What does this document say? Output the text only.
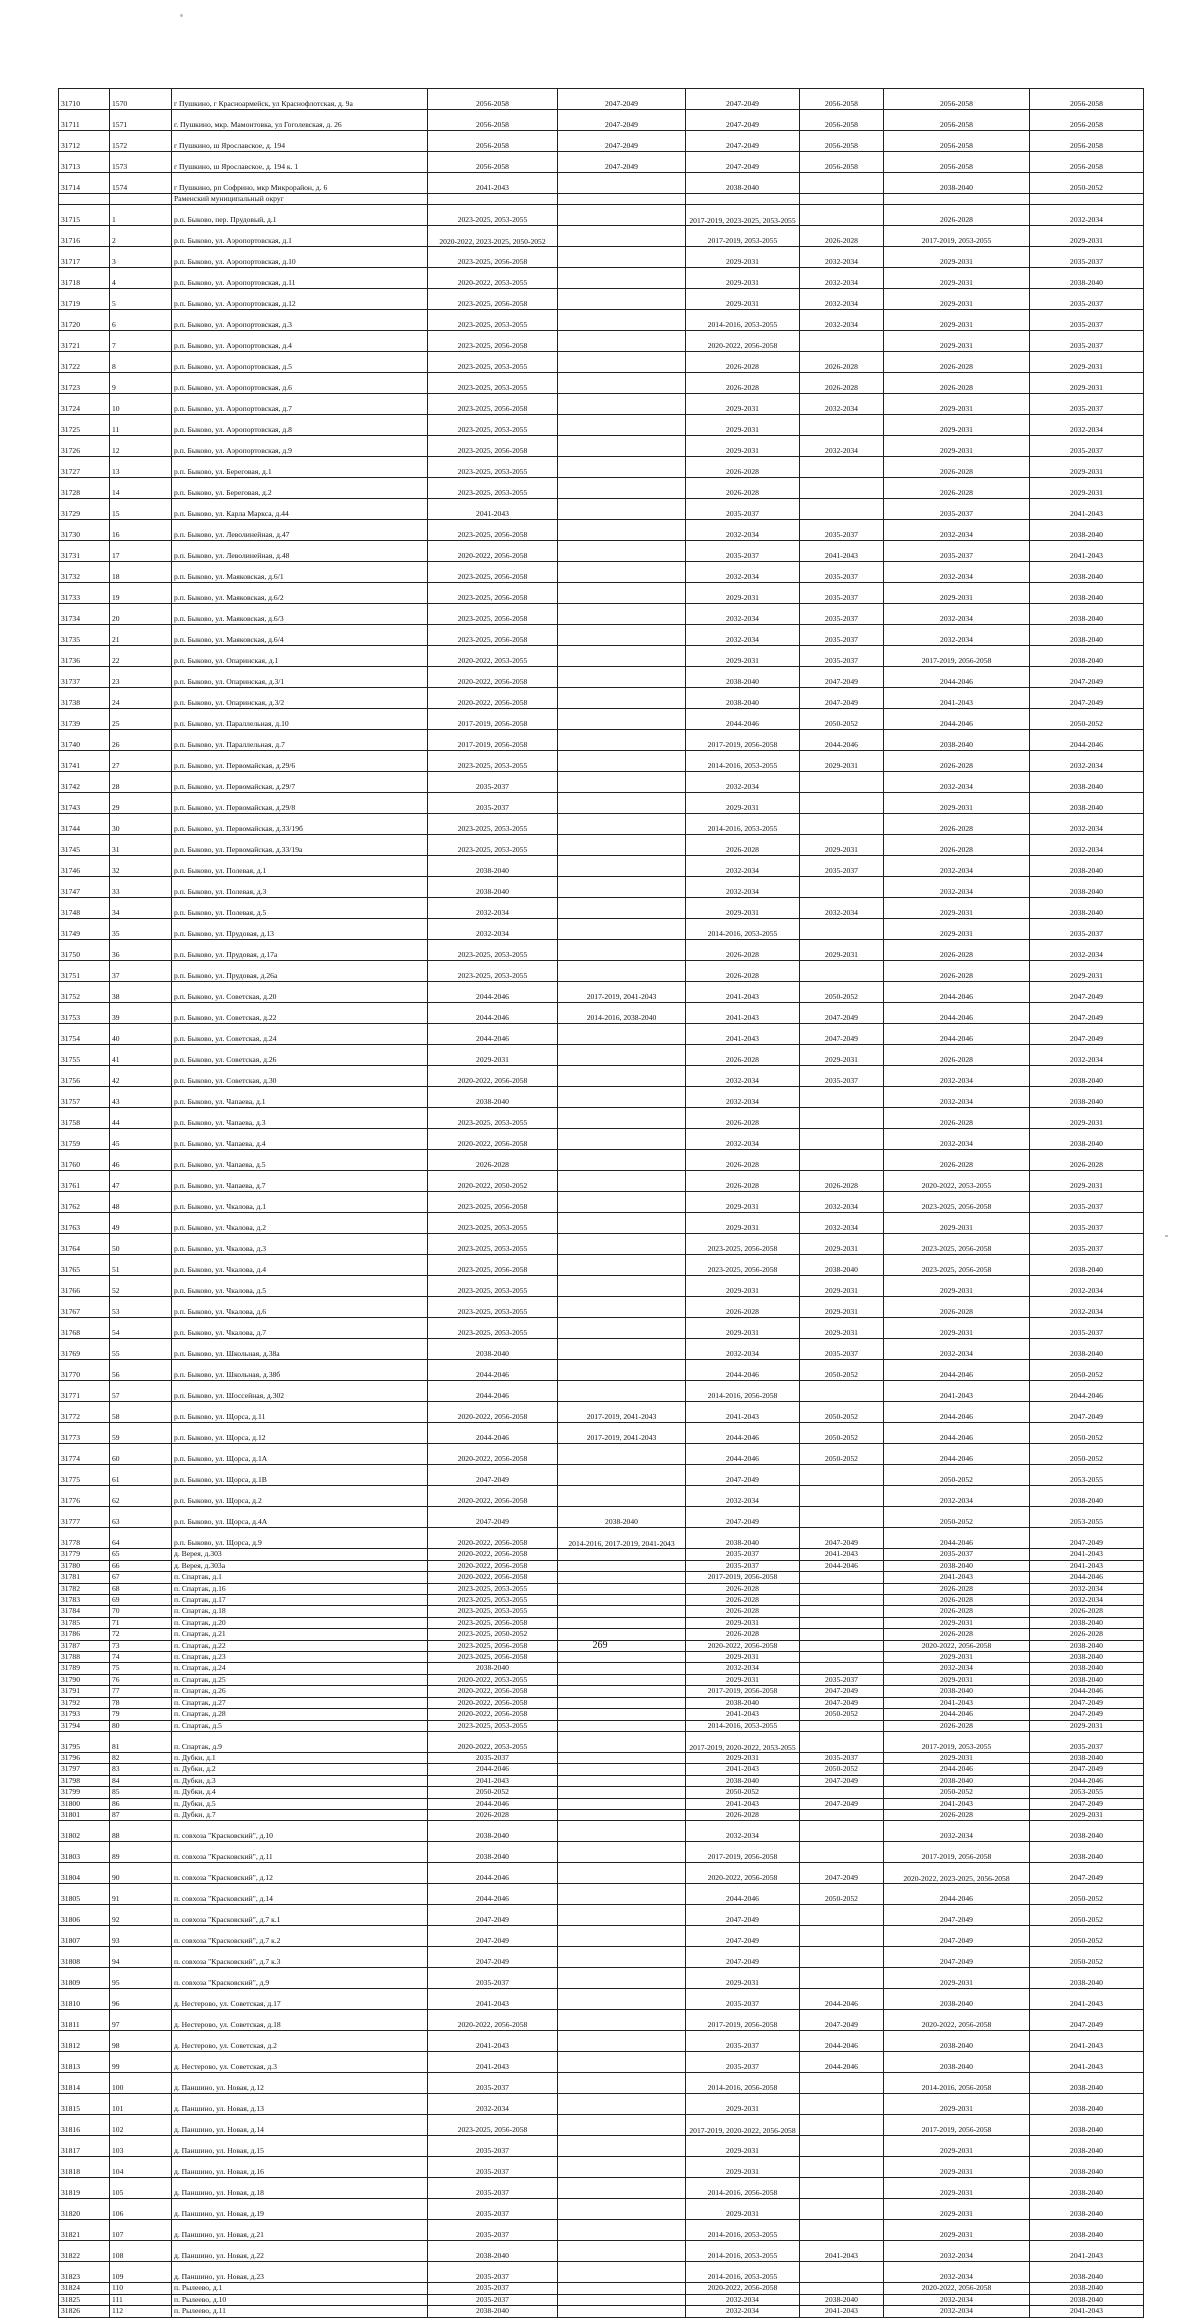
31710	1570	г Пушкино, г Красноармейск, ул Краснофлотская, д. 9а	2056-2058	2047-2049	2047-2049	2056-2058	2056-2058	2056-2058
31711	1571	г. Пушкино, мкр. Мамонтовка, ул Гоголевская, д. 26	2056-2058	2047-2049	2047-2049	2056-2058	2056-2058	2056-2058
31712	1572	г Пушкино, ш Ярославское, д. 194	2056-2058	2047-2049	2047-2049	2056-2058	2056-2058	2056-2058
31713	1573	г Пушкино, ш Ярославское, д. 194 к. 1	2056-2058	2047-2049	2047-2049	2056-2058	2056-2058	2056-2058
31714	1574	г Пушкино, рп Софрино, мкр Микрорайон, д. 6	2041-2043		2038-2040		2038-2040	2050-2052
		Раменский муниципальный округ						
31715	1	р.п. Быково, пер. Прудовый, д.1	2023-2025, 2053-2055		2017-2019, 2023-2025, 2053-2055		2026-2028	2032-2034
31716	2	р.п. Быково, ул. Аэропортовская, д.1	2020-2022, 2023-2025, 2050-2052		2017-2019, 2053-2055	2026-2028	2017-2019, 2053-2055	2029-2031
31717	3	р.п. Быково, ул. Аэропортовская, д.10	2023-2025, 2056-2058		2029-2031	2032-2034	2029-2031	2035-2037
31718	4	р.п. Быково, ул. Аэропортовская, д.11	2020-2022, 2053-2055		2029-2031	2032-2034	2029-2031	2038-2040
31719	5	р.п. Быково, ул. Аэропортовская, д.12	2023-2025, 2056-2058		2029-2031	2032-2034	2029-2031	2035-2037
31720	6	р.п. Быково, ул. Аэропортовская, д.3	2023-2025, 2053-2055		2014-2016, 2053-2055	2032-2034	2029-2031	2035-2037
31721	7	р.п. Быково, ул. Аэропортовская, д.4	2023-2025, 2056-2058		2020-2022, 2056-2058		2029-2031	2035-2037
31722	8	р.п. Быково, ул. Аэропортовская, д.5	2023-2025, 2053-2055		2026-2028	2026-2028	2026-2028	2029-2031
31723	9	р.п. Быково, ул. Аэропортовская, д.6	2023-2025, 2053-2055		2026-2028	2026-2028	2026-2028	2029-2031
31724	10	р.п. Быково, ул. Аэропортовская, д.7	2023-2025, 2056-2058		2029-2031	2032-2034	2029-2031	2035-2037
31725	11	р.п. Быково, ул. Аэропортовская, д.8	2023-2025, 2053-2055		2029-2031		2029-2031	2032-2034
31726	12	р.п. Быково, ул. Аэропортовская, д.9	2023-2025, 2056-2058		2029-2031	2032-2034	2029-2031	2035-2037
31727	13	р.п. Быково, ул. Береговая, д.1	2023-2025, 2053-2055		2026-2028		2026-2028	2029-2031
31728	14	р.п. Быково, ул. Береговая, д.2	2023-2025, 2053-2055		2026-2028		2026-2028	2029-2031
31729	15	р.п. Быково, ул. Карла Маркса, д.44	2041-2043		2035-2037		2035-2037	2041-2043
31730	16	р.п. Быково, ул. Леволинейная, д.47	2023-2025, 2056-2058		2032-2034	2035-2037	2032-2034	2038-2040
31731	17	р.п. Быково, ул. Леволинейная, д.48	2020-2022, 2056-2058		2035-2037	2041-2043	2035-2037	2041-2043
31732	18	р.п. Быково, ул. Маяковская, д.6/1	2023-2025, 2056-2058		2032-2034	2035-2037	2032-2034	2038-2040
31733	19	р.п. Быково, ул. Маяковская, д.6/2	2023-2025, 2056-2058		2029-2031	2035-2037	2029-2031	2038-2040
31734	20	р.п. Быково, ул. Маяковская, д.6/3	2023-2025, 2056-2058		2032-2034	2035-2037	2032-2034	2038-2040
31735	21	р.п. Быково, ул. Маяковская, д.6/4	2023-2025, 2056-2058		2032-2034	2035-2037	2032-2034	2038-2040
31736	22	р.п. Быково, ул. Опаринская, д.1	2020-2022, 2053-2055		2029-2031	2035-2037	2017-2019, 2056-2058	2038-2040
31737	23	р.п. Быково, ул. Опаринская, д.3/1	2020-2022, 2056-2058		2038-2040	2047-2049	2044-2046	2047-2049
31738	24	р.п. Быково, ул. Опаринская, д.3/2	2020-2022, 2056-2058		2038-2040	2047-2049	2041-2043	2047-2049
31739	25	р.п. Быково, ул. Параллельная, д.10	2017-2019, 2056-2058		2044-2046	2050-2052	2044-2046	2050-2052
31740	26	р.п. Быково, ул. Параллельная, д.7	2017-2019, 2056-2058		2017-2019, 2056-2058	2044-2046	2038-2040	2044-2046
31741	27	р.п. Быково, ул. Первомайская, д.29/6	2023-2025, 2053-2055		2014-2016, 2053-2055	2029-2031	2026-2028	2032-2034
31742	28	р.п. Быково, ул. Первомайская, д.29/7	2035-2037		2032-2034		2032-2034	2038-2040
31743	29	р.п. Быково, ул. Первомайская, д.29/8	2035-2037		2029-2031		2029-2031	2038-2040
31744	30	р.п. Быково, ул. Первомайская, д.33/19б	2023-2025, 2053-2055		2014-2016, 2053-2055		2026-2028	2032-2034
31745	31	р.п. Быково, ул. Первомайская, д.33/19а	2023-2025, 2053-2055		2026-2028	2029-2031	2026-2028	2032-2034
31746	32	р.п. Быково, ул. Полевая, д.1	2038-2040		2032-2034	2035-2037	2032-2034	2038-2040
31747	33	р.п. Быково, ул. Полевая, д.3	2038-2040		2032-2034		2032-2034	2038-2040
31748	34	р.п. Быково, ул. Полевая, д.5	2032-2034		2029-2031	2032-2034	2029-2031	2038-2040
31749	35	р.п. Быково, ул. Прудовая, д.13	2032-2034		2014-2016, 2053-2055		2029-2031	2035-2037
31750	36	р.п. Быково, ул. Прудовая, д.17а	2023-2025, 2053-2055		2026-2028	2029-2031	2026-2028	2032-2034
31751	37	р.п. Быково, ул. Прудовая, д.26а	2023-2025, 2053-2055		2026-2028		2026-2028	2029-2031
31752	38	р.п. Быково, ул. Советская, д.20	2044-2046	2017-2019, 2041-2043	2041-2043	2050-2052	2044-2046	2047-2049
31753	39	р.п. Быково, ул. Советская, д.22	2044-2046	2014-2016, 2038-2040	2041-2043	2047-2049	2044-2046	2047-2049
31754	40	р.п. Быково, ул. Советская, д.24	2044-2046		2041-2043	2047-2049	2044-2046	2047-2049
31755	41	р.п. Быково, ул. Советская, д.26	2029-2031		2026-2028	2029-2031	2026-2028	2032-2034
31756	42	р.п. Быково, ул. Советская, д.30	2020-2022, 2056-2058		2032-2034	2035-2037	2032-2034	2038-2040
31757	43	р.п. Быково, ул. Чапаева, д.1	2038-2040		2032-2034		2032-2034	2038-2040
31758	44	р.п. Быково, ул. Чапаева, д.3	2023-2025, 2053-2055		2026-2028		2026-2028	2029-2031
31759	45	р.п. Быково, ул. Чапаева, д.4	2020-2022, 2056-2058		2032-2034		2032-2034	2038-2040
31760	46	р.п. Быково, ул. Чапаева, д.5	2026-2028		2026-2028		2026-2028	2026-2028
31761	47	р.п. Быково, ул. Чапаева, д.7	2020-2022, 2050-2052		2026-2028	2026-2028	2020-2022, 2053-2055	2029-2031
31762	48	р.п. Быково, ул. Чкалова, д.1	2023-2025, 2056-2058		2029-2031	2032-2034	2023-2025, 2056-2058	2035-2037
31763	49	р.п. Быково, ул. Чкалова, д.2	2023-2025, 2053-2055		2029-2031	2032-2034	2029-2031	2035-2037
31764	50	р.п. Быково, ул. Чкалова, д.3	2023-2025, 2053-2055		2023-2025, 2056-2058	2029-2031	2023-2025, 2056-2058	2035-2037
31765	51	р.п. Быково, ул. Чкалова, д.4	2023-2025, 2056-2058		2023-2025, 2056-2058	2038-2040	2023-2025, 2056-2058	2038-2040
31766	52	р.п. Быково, ул. Чкалова, д.5	2023-2025, 2053-2055		2029-2031	2029-2031	2029-2031	2032-2034
31767	53	р.п. Быково, ул. Чкалова, д.6	2023-2025, 2053-2055		2026-2028	2029-2031	2026-2028	2032-2034
31768	54	р.п. Быково, ул. Чкалова, д.7	2023-2025, 2053-2055		2029-2031	2029-2031	2029-2031	2035-2037
31769	55	р.п. Быково, ул. Школьная, д.38а	2038-2040		2032-2034	2035-2037	2032-2034	2038-2040
31770	56	р.п. Быково, ул. Школьная, д.38б	2044-2046		2044-2046	2050-2052	2044-2046	2050-2052
31771	57	р.п. Быково, ул. Шоссейная, д.302	2044-2046		2014-2016, 2056-2058		2041-2043	2044-2046
31772	58	р.п. Быково, ул. Щорса, д.11	2020-2022, 2056-2058	2017-2019, 2041-2043	2041-2043	2050-2052	2044-2046	2047-2049
31773	59	р.п. Быково, ул. Щорса, д.12	2044-2046	2017-2019, 2041-2043	2044-2046	2050-2052	2044-2046	2050-2052
31774	60	р.п. Быково, ул. Щорса, д.1А	2020-2022, 2056-2058		2044-2046	2050-2052	2044-2046	2050-2052
31775	61	р.п. Быково, ул. Щорса, д.1В	2047-2049		2047-2049		2050-2052	2053-2055
31776	62	р.п. Быково, ул. Щорса, д.2	2020-2022, 2056-2058		2032-2034		2032-2034	2038-2040
31777	63	р.п. Быково, ул. Щорса, д.4А	2047-2049	2038-2040	2047-2049		2050-2052	2053-2055
31778	64	р.п. Быково, ул. Щорса, д.9	2020-2022, 2056-2058	2014-2016, 2017-2019, 2041-2043	2038-2040	2047-2049	2044-2046	2047-2049
31779	65	д. Верея, д.303	2020-2022, 2056-2058		2035-2037	2041-2043	2035-2037	2041-2043
31780	66	д. Верея, д.303а	2020-2022, 2056-2058		2035-2037	2044-2046	2038-2040	2041-2043
31781	67	п. Спартак, д.1	2020-2022, 2056-2058		2017-2019, 2056-2058		2041-2043	2044-2046
31782	68	п. Спартак, д.16	2023-2025, 2053-2055		2026-2028		2026-2028	2032-2034
31783	69	п. Спартак, д.17	2023-2025, 2053-2055		2026-2028		2026-2028	2032-2034
31784	70	п. Спартак, д.18	2023-2025, 2053-2055		2026-2028		2026-2028	2026-2028
31785	71	п. Спартак, д.20	2023-2025, 2056-2058		2029-2031		2029-2031	2038-2040
31786	72	п. Спартак, д.21	2023-2025, 2050-2052		2026-2028		2026-2028	2026-2028
31787	73	п. Спартак, д.22	2023-2025, 2056-2058		2020-2022, 2056-2058		2020-2022, 2056-2058	2038-2040
31788	74	п. Спартак, д.23	2023-2025, 2056-2058		2029-2031		2029-2031	2038-2040
31789	75	п. Спартак, д.24	2038-2040		2032-2034		2032-2034	2038-2040
31790	76	п. Спартак, д.25	2020-2022, 2053-2055		2029-2031	2035-2037	2029-2031	2038-2040
31791	77	п. Спартак, д.26	2020-2022, 2056-2058		2017-2019, 2056-2058	2047-2049	2038-2040	2044-2046
31792	78	п. Спартак, д.27	2020-2022, 2056-2058		2038-2040	2047-2049	2041-2043	2047-2049
31793	79	п. Спартак, д.28	2020-2022, 2056-2058		2041-2043	2050-2052	2044-2046	2047-2049
31794	80	п. Спартак, д.5	2023-2025, 2053-2055		2014-2016, 2053-2055		2026-2028	2029-2031
31795	81	п. Спартак, д.9	2020-2022, 2053-2055		2017-2019, 2020-2022, 2053-2055		2017-2019, 2053-2055	2035-2037
31796	82	п. Дубки, д.1	2035-2037		2029-2031	2035-2037	2029-2031	2038-2040
31797	83	п. Дубки, д.2	2044-2046		2041-2043	2050-2052	2044-2046	2047-2049
31798	84	п. Дубки, д.3	2041-2043		2038-2040	2047-2049	2038-2040	2044-2046
31799	85	п. Дубки, д.4	2050-2052		2050-2052		2050-2052	2053-2055
31800	86	п. Дубки, д.5	2044-2046		2041-2043	2047-2049	2041-2043	2047-2049
31801	87	п. Дубки, д.7	2026-2028		2026-2028		2026-2028	2029-2031
31802	88	п. совхоза "Красковский", д.10	2038-2040		2032-2034		2032-2034	2038-2040
31803	89	п. совхоза "Красковский", д.11	2038-2040		2017-2019, 2056-2058		2017-2019, 2056-2058	2038-2040
31804	90	п. совхоза "Красковский", д.12	2044-2046		2020-2022, 2056-2058	2047-2049	2020-2022, 2023-2025, 2056-2058	2047-2049
31805	91	п. совхоза "Красковский", д.14	2044-2046		2044-2046	2050-2052	2044-2046	2050-2052
31806	92	п. совхоза "Красковский", д.7 к.1	2047-2049		2047-2049		2047-2049	2050-2052
31807	93	п. совхоза "Красковский", д.7 к.2	2047-2049		2047-2049		2047-2049	2050-2052
31808	94	п. совхоза "Красковский", д.7 к.3	2047-2049		2047-2049		2047-2049	2050-2052
31809	95	п. совхоза "Красковский", д.9	2035-2037		2029-2031		2029-2031	2038-2040
31810	96	д. Нестерово, ул. Советская, д.17	2041-2043		2035-2037	2044-2046	2038-2040	2041-2043
31811	97	д. Нестерово, ул. Советская, д.18	2020-2022, 2056-2058		2017-2019, 2056-2058	2047-2049	2020-2022, 2056-2058	2047-2049
31812	98	д. Нестерово, ул. Советская, д.2	2041-2043		2035-2037	2044-2046	2038-2040	2041-2043
31813	99	д. Нестерово, ул. Советская, д.3	2041-2043		2035-2037	2044-2046	2038-2040	2041-2043
31814	100	д. Паншино, ул. Новая, д.12	2035-2037		2014-2016, 2056-2058		2014-2016, 2056-2058	2038-2040
31815	101	д. Паншино, ул. Новая, д.13	2032-2034		2029-2031		2029-2031	2038-2040
31816	102	д. Паншино, ул. Новая, д.14	2023-2025, 2056-2058		2017-2019, 2020-2022, 2056-2058		2017-2019, 2056-2058	2038-2040
31817	103	д. Паншино, ул. Новая, д.15	2035-2037		2029-2031		2029-2031	2038-2040
31818	104	д. Паншино, ул. Новая, д.16	2035-2037		2029-2031		2029-2031	2038-2040
31819	105	д. Паншино, ул. Новая, д.18	2035-2037		2014-2016, 2056-2058		2029-2031	2038-2040
31820	106	д. Паншино, ул. Новая, д.19	2035-2037		2029-2031		2029-2031	2038-2040
31821	107	д. Паншино, ул. Новая, д.21	2035-2037		2014-2016, 2053-2055		2029-2031	2038-2040
31822	108	д. Паншино, ул. Новая, д.22	2038-2040		2014-2016, 2053-2055	2041-2043	2032-2034	2041-2043
31823	109	д. Паншино, ул. Новая, д.23	2035-2037		2014-2016, 2053-2055		2032-2034	2038-2040
31824	110	п. Рылеево, д.1	2035-2037		2020-2022, 2056-2058		2020-2022, 2056-2058	2038-2040
31825	111	п. Рылеево, д.10	2035-2037		2032-2034	2038-2040	2032-2034	2038-2040
31826	112	п. Рылеево, д.11	2038-2040		2032-2034	2041-2043	2032-2034	2041-2043
269
